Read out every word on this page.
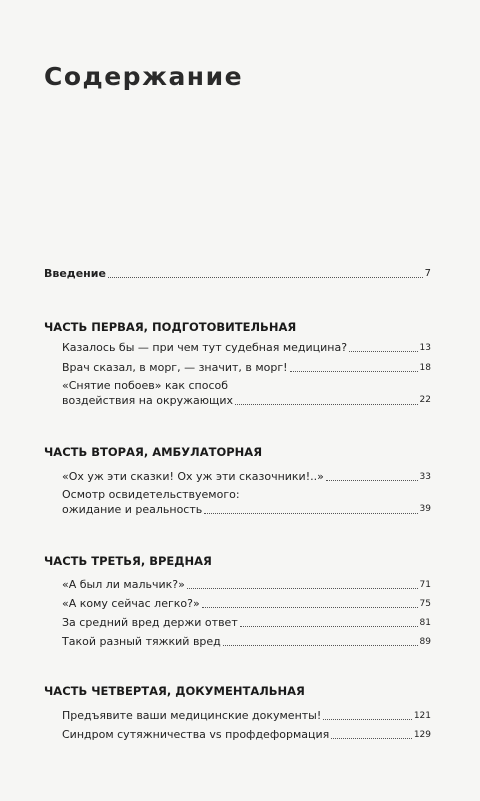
Содержание
Введение	7
ЧАСТЬ ПЕРВАЯ, ПОДГОТОВИТЕЛЬНАЯ
Казалось бы — при чем тут судебная медицина?	13
Врач сказал, в морг, — значит, в морг!	18
«Снятие побоев» как способ
воздействия на окружающих	22
ЧАСТЬ ВТОРАЯ, АМБУЛАТОРНАЯ
«Ох уж эти сказки! Ох уж эти сказочники!..»	33
Осмотр освидетельствуемого:
ожидание и реальность	39
ЧАСТЬ ТРЕТЬЯ, ВРЕДНАЯ
«А был ли мальчик?»	71
«А кому сейчас легко?»	75
За средний вред держи ответ	81
Такой разный тяжкий вред	89
ЧАСТЬ ЧЕТВЕРТАЯ, ДОКУМЕНТАЛЬНАЯ
Предъявите ваши медицинские документы!	121
Синдром сутяжничества vs профдеформация	129
